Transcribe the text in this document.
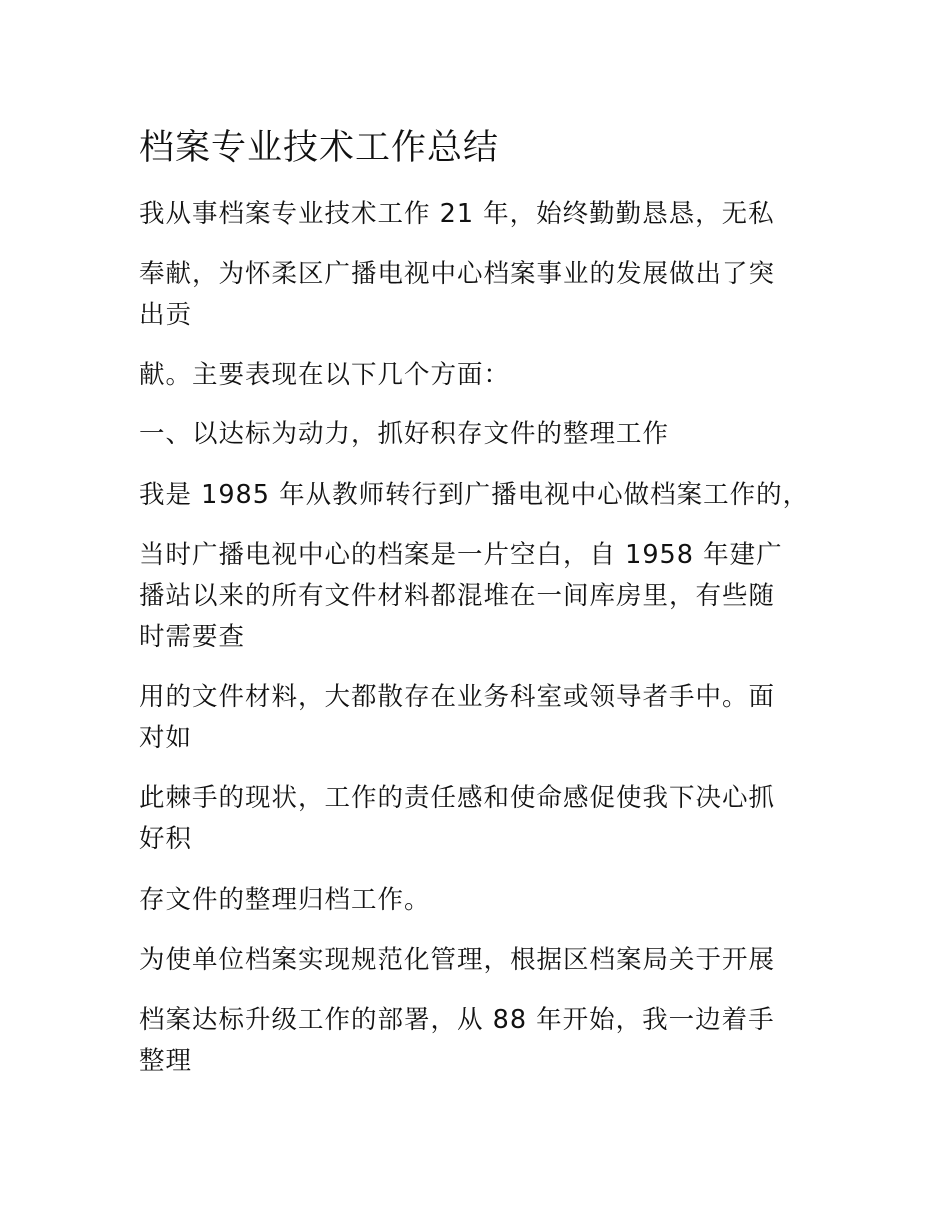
档案专业技术工作总结

我从事档案专业技术工作 21 年，始终勤勤恳恳，无私

奉献，为怀柔区广播电视中心档案事业的发展做出了突
出贡

献。主要表现在以下几个方面：

一、以达标为动力，抓好积存文件的整理工作

我是 1985 年从教师转行到广播电视中心做档案工作的，

当时广播电视中心的档案是一片空白，自 1958 年建广
播站以来的所有文件材料都混堆在一间库房里，有些随
时需要查

用的文件材料，大都散存在业务科室或领导者手中。面
对如

此棘手的现状，工作的责任感和使命感促使我下决心抓
好积

存文件的整理归档工作。

为使单位档案实现规范化管理，根据区档案局关于开展

档案达标升级工作的部署，从 88 年开始，我一边着手
整理
